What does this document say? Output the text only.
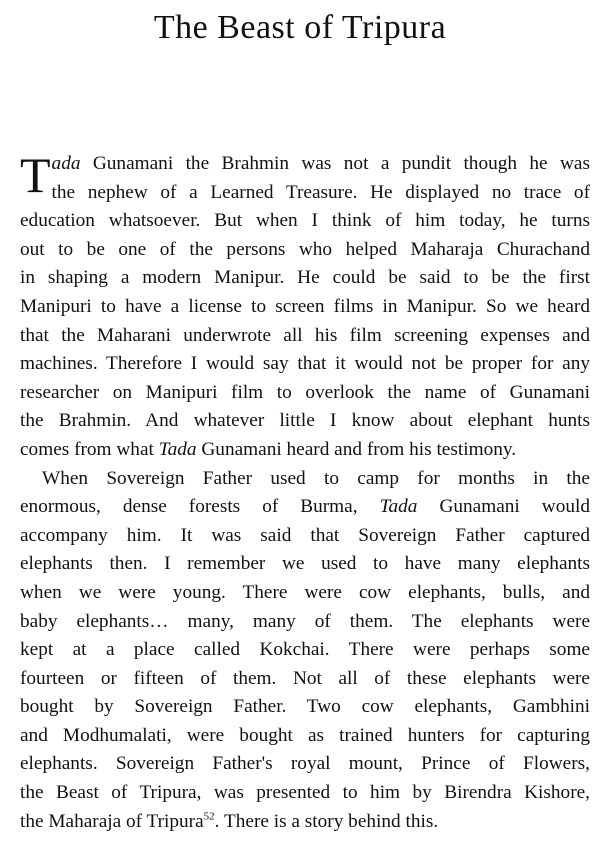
The Beast of Tripura

T ada Gunamani the Brahmin was not a pundit though he was
the nephew of a Learned Treasure. He displayed no trace of
education whatsoever. But when I think of him today, he turns
out to be one of the persons who helped Maharaja Churachand
in shaping a modern Manipur. He could be said to be the first
Manipuri to have a license to screen films in Manipur. So we heard
that the Maharani underwrote all his film screening expenses and
machines. Therefore I would say that it would not be proper for any
researcher on Manipuri film to overlook the name of Gunamani
the Brahmin. And whatever little I know about elephant hunts
comes from what Tada Gunamani heard and from his testimony.

When Sovereign Father used to camp for months in the
enormous, dense forests of Burma, Tada Gunamani would
accompany him. It was said that Sovereign Father captured
elephants then. I remember we used to have many elephants
when we were young. There were cow elephants, bulls, and
baby elephants… many, many of them. The elephants were
kept at a place called Kokchai. There were perhaps some
fourteen or fifteen of them. Not all of these elephants were
bought by Sovereign Father. Two cow elephants, Gambhini
and Modhumalati, were bought as trained hunters for capturing
elephants. Sovereign Father's royal mount, Prince of Flowers,
the Beast of Tripura, was presented to him by Birendra Kishore,
the Maharaja of Tripura$^{52}$. There is a story behind this.
